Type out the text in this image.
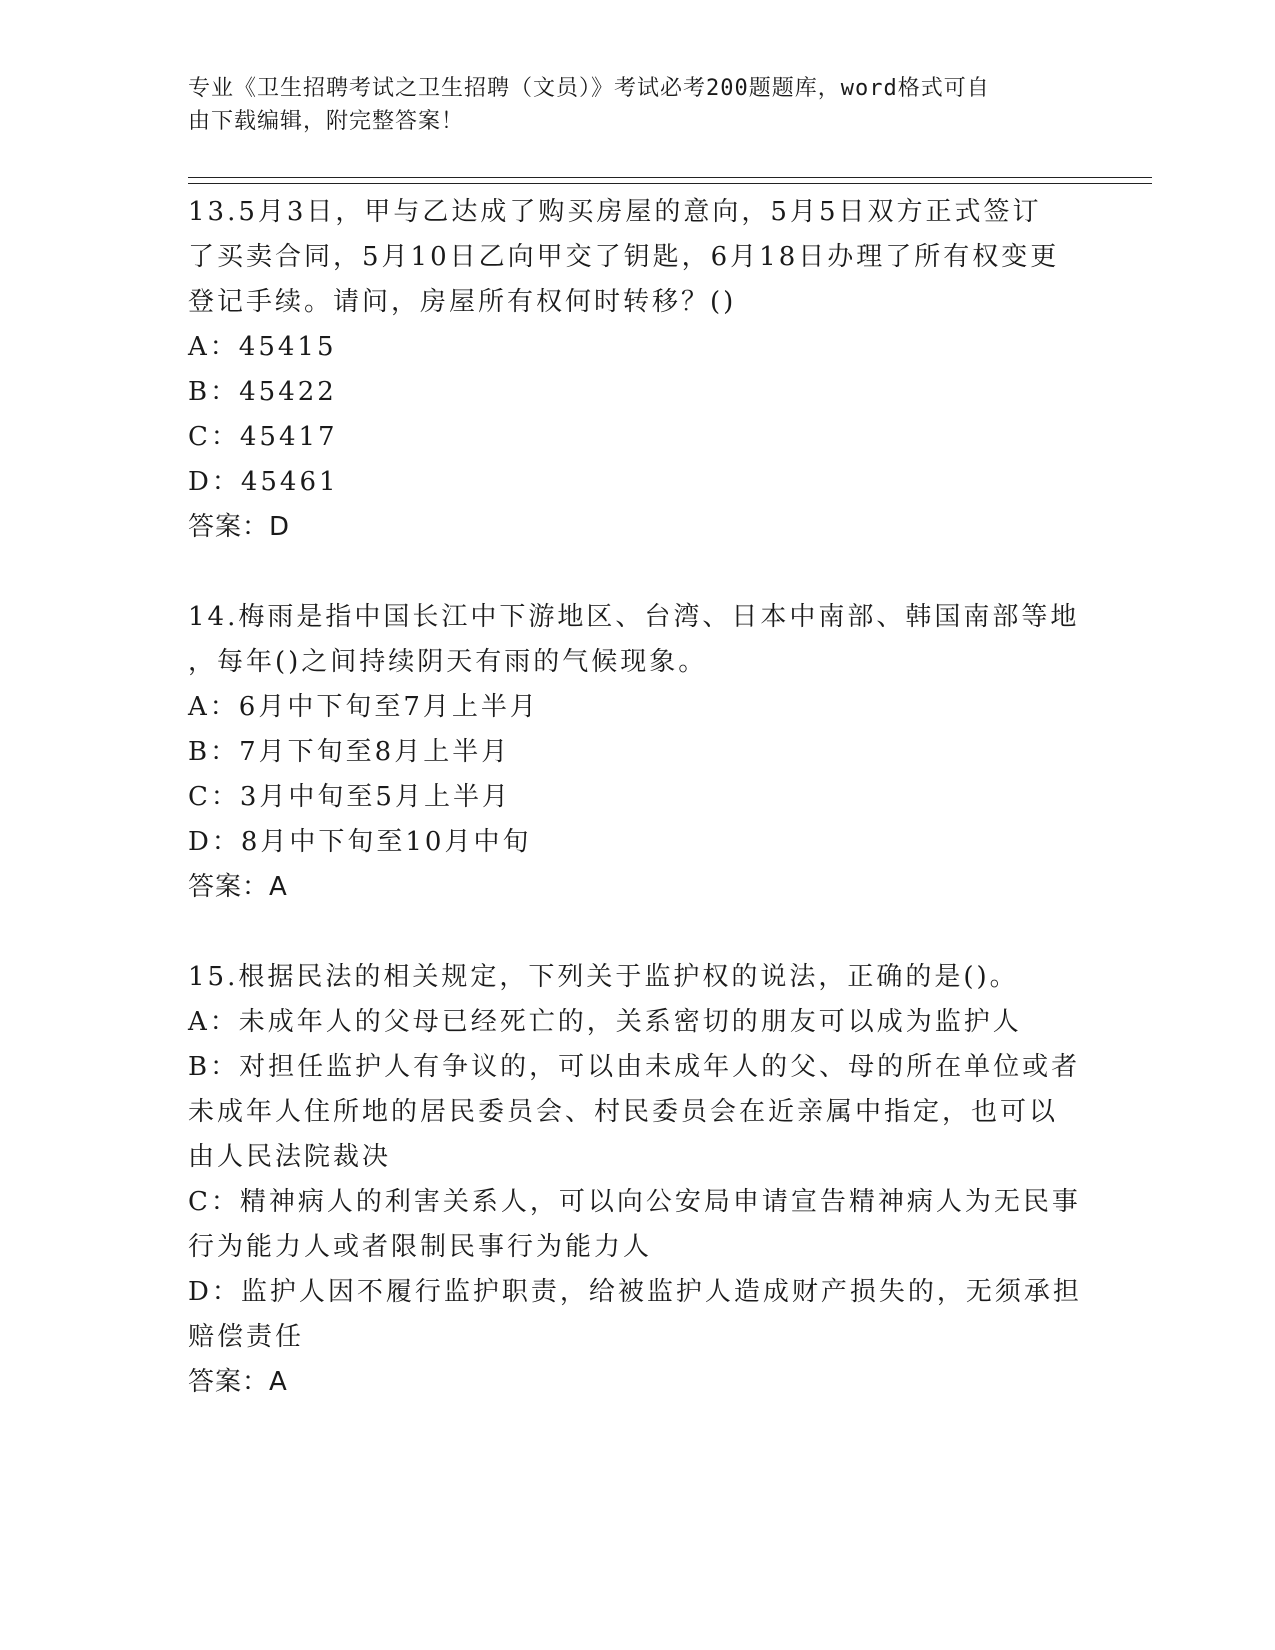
专业《卫生招聘考试之卫生招聘（文员）》考试必考200题题库，word格式可自
由下载编辑，附完整答案！
13.5月3日，甲与乙达成了购买房屋的意向，5月5日双方正式签订
了买卖合同，5月10日乙向甲交了钥匙，6月18日办理了所有权变更
登记手续。请问，房屋所有权何时转移？()
A：45415
B：45422
C：45417
D：45461
答案：D
14.梅雨是指中国长江中下游地区、台湾、日本中南部、韩国南部等地
，每年()之间持续阴天有雨的气候现象。
A：6月中下旬至7月上半月
B：7月下旬至8月上半月
C：3月中旬至5月上半月
D：8月中下旬至10月中旬
答案：A
15.根据民法的相关规定，下列关于监护权的说法，正确的是()。
A：未成年人的父母已经死亡的，关系密切的朋友可以成为监护人
B：对担任监护人有争议的，可以由未成年人的父、母的所在单位或者
未成年人住所地的居民委员会、村民委员会在近亲属中指定，也可以
由人民法院裁决
C：精神病人的利害关系人，可以向公安局申请宣告精神病人为无民事
行为能力人或者限制民事行为能力人
D：监护人因不履行监护职责，给被监护人造成财产损失的，无须承担
赔偿责任
答案：A
